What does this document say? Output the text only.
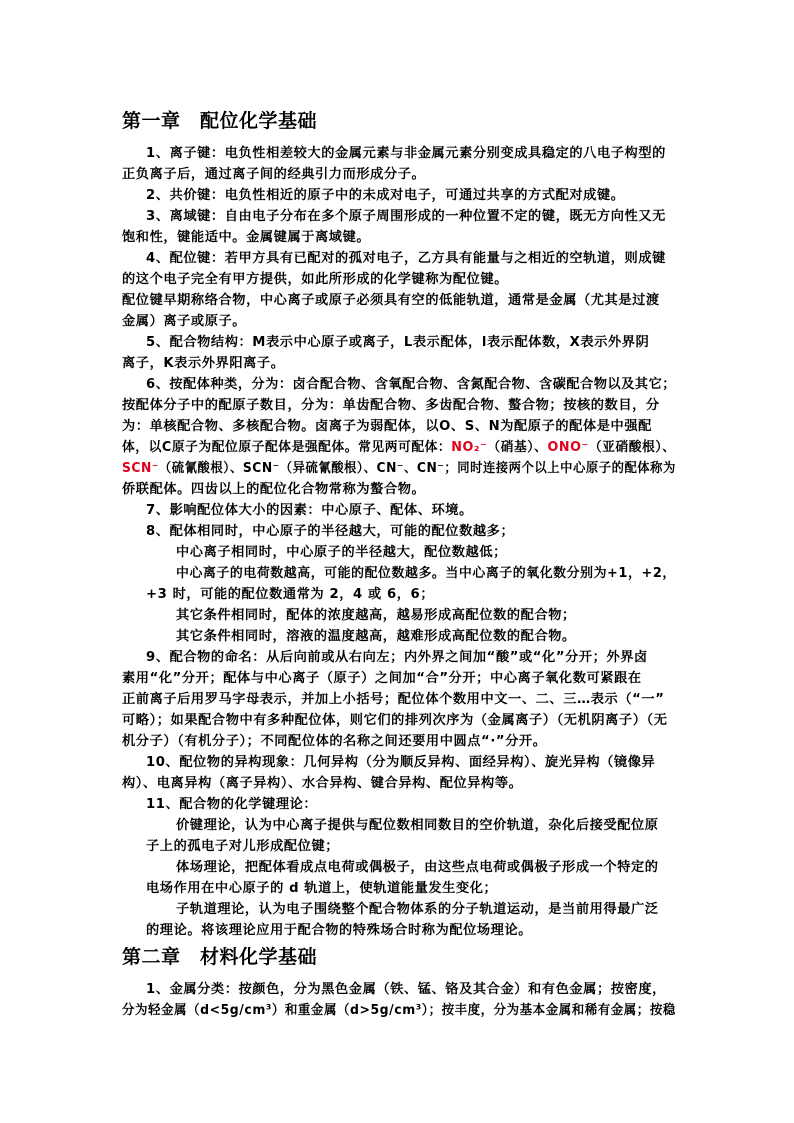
第一章　配位化学基础
1、离子键：电负性相差较大的金属元素与非金属元素分别变成具稳定的八电子构型的
正负离子后，通过离子间的经典引力而形成分子。
2、共价键：电负性相近的原子中的未成对电子，可通过共享的方式配对成键。
3、离域键：自由电子分布在多个原子周围形成的一种位置不定的键，既无方向性又无
饱和性，键能适中。金属键属于离域键。
4、配位键：若甲方具有已配对的孤对电子，乙方具有能量与之相近的空轨道，则成键
的这个电子完全有甲方提供，如此所形成的化学键称为配位键。
配位键早期称络合物，中心离子或原子必须具有空的低能轨道，通常是金属（尤其是过渡
金属）离子或原子。
5、配合物结构：M表示中心原子或离子，L表示配体，l表示配体数，X表示外界阴
离子，K表示外界阳离子。
6、按配体种类，分为：卤合配合物、含氧配合物、含氮配合物、含碳配合物以及其它；
按配体分子中的配原子数目，分为：单齿配合物、多齿配合物、螯合物；按核的数目，分
为：单核配合物、多核配合物。卤离子为弱配体，以O、S、N为配原子的配体是中强配
体，以C原子为配位原子配体是强配体。常见两可配体：NO₂⁻（硝基）、ONO⁻（亚硝酸根）、
SCN⁻（硫氰酸根）、SCN⁻（异硫氰酸根）、CN⁻、CN⁻；同时连接两个以上中心原子的配体称为
侨联配体。四齿以上的配位化合物常称为螯合物。
7、影响配位体大小的因素：中心原子、配体、环境。
8、配体相同时，中心原子的半径越大，可能的配位数越多；
中心离子相同时，中心原子的半径越大，配位数越低；
中心离子的电荷数越高，可能的配位数越多。当中心离子的氧化数分别为+1，+2，
+3 时，可能的配位数通常为 2，4 或 6，6；
其它条件相同时，配体的浓度越高，越易形成高配位数的配合物；
其它条件相同时，溶液的温度越高，越难形成高配位数的配合物。
9、配合物的命名：从后向前或从右向左；内外界之间加“酸”或“化”分开；外界卤
素用“化”分开；配体与中心离子（原子）之间加“合”分开；中心离子氧化数可紧跟在
正前离子后用罗马字母表示，并加上小括号；配位体个数用中文一、二、三…表示（“一”
可略）；如果配合物中有多种配位体，则它们的排列次序为（金属离子）（无机阴离子）（无
机分子）（有机分子）；不同配位体的名称之间还要用中圆点“·”分开。
10、配位物的异构现象：几何异构（分为顺反异构、面经异构）、旋光异构（镜像异
构）、电离异构（离子异构）、水合异构、键合异构、配位异构等。
11、配合物的化学键理论：
价键理论，认为中心离子提供与配位数相同数目的空价轨道，杂化后接受配位原
子上的孤电子对儿形成配位键；
体场理论，把配体看成点电荷或偶极子，由这些点电荷或偶极子形成一个特定的
电场作用在中心原子的 d 轨道上，使轨道能量发生变化；
子轨道理论，认为电子围绕整个配合物体系的分子轨道运动，是当前用得最广泛
的理论。将该理论应用于配合物的特殊场合时称为配位场理论。
第二章　材料化学基础
1、金属分类：按颜色，分为黑色金属（铁、锰、铬及其合金）和有色金属；按密度，
分为轻金属（d<5g/cm³）和重金属（d>5g/cm³）；按丰度，分为基本金属和稀有金属；按稳
